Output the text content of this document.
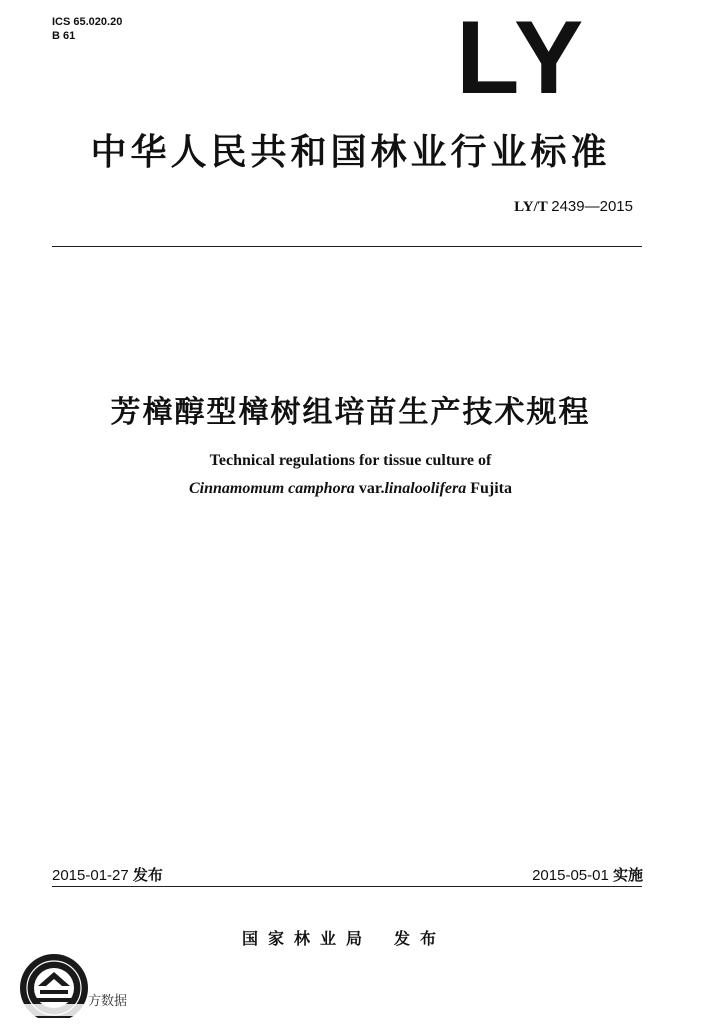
ICS 65.020.20
B 61	LY
中华人民共和国林业行业标准
LY/T 2439—2015
芳樟醇型樟树组培苗生产技术规程
Technical regulations for tissue culture of
Cinnamomum camphora var.linaloolifera Fujita
2015-01-27 发布	2015-05-01 实施
国家林业局 发布
方数据
